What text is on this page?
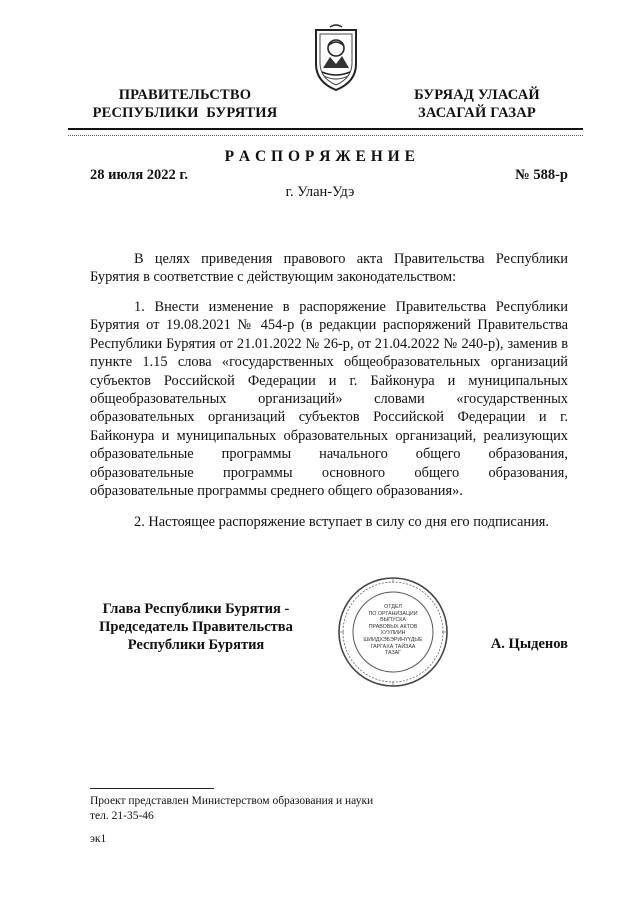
ПРАВИТЕЛЬСТВО
РЕСПУБЛИКИ  БУРЯТИЯ
БУРЯАД УЛАСАЙ
ЗАСАГАЙ ГАЗАР
Р А С П О Р Я Ж Е Н И Е
28 июля 2022 г.	№ 588-р
г. Улан-Удэ
В целях приведения правового акта Правительства Республики Бурятия в соответствие с действующим законодательством:
1. Внести изменение в распоряжение Правительства Республики Бурятия от 19.08.2021 № 454-р (в редакции распоряжений Правительства Республики Бурятия от 21.01.2022 № 26-р, от 21.04.2022 № 240-р), заменив в пункте 1.15 слова «государственных общеобразовательных организаций субъектов Российской Федерации и г. Байконура и муниципальных общеобразовательных организаций» словами «государственных образовательных организаций субъектов Российской Федерации и г. Байконура и муниципальных образовательных организаций, реализующих образовательные программы начального общего образования, образовательные программы основного общего образования, образовательные программы среднего общего образования».
2. Настоящее распоряжение вступает в силу со дня его подписания.
Глава Республики Бурятия -
Председатель Правительства
Республики Бурятия
ОТДЕЛ
ПО ОРГАНИЗАЦИИ
ВЫПУСКА
ПРАВОВЫХ АКТОВ
ХУУЛИИН
ШИИДХЭБЭРИНҮҮДЫЕ
ГАРГАХА ТАЙЗАА
ТАЗАГ
А. Цыденов
Проект представлен Министерством образования и науки
тел. 21-35-46
эк1
